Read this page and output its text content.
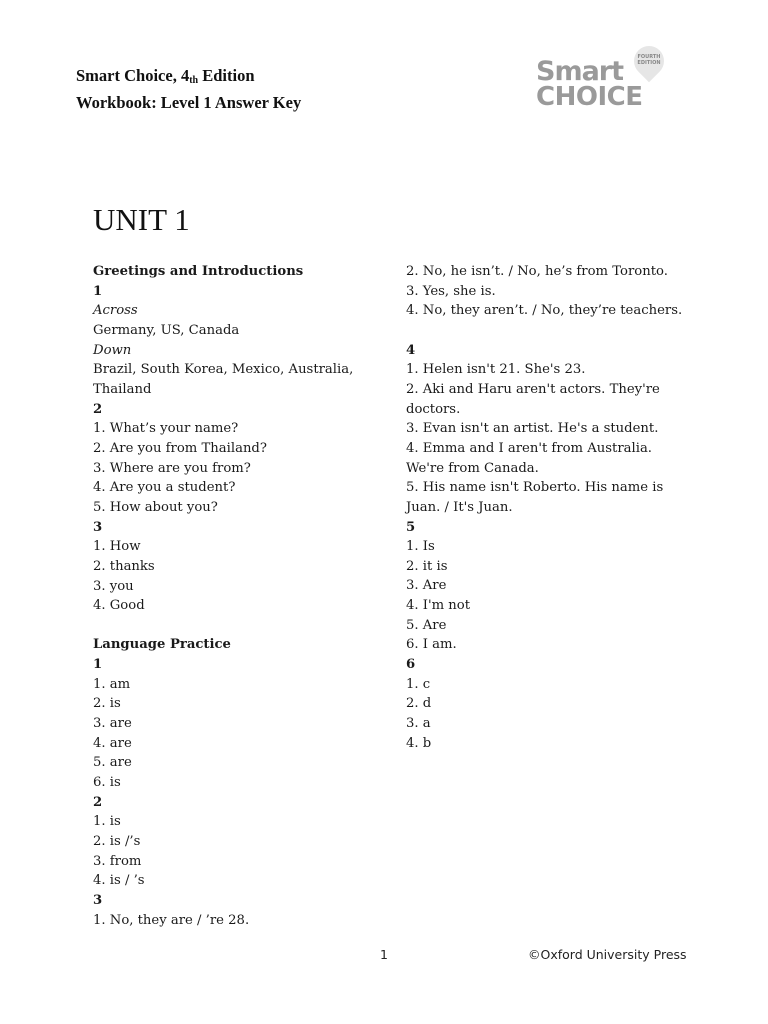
Smart Choice, 4th Edition
Workbook: Level 1 Answer Key
FOURTH
EDITION
Smart
CHOICE
UNIT 1
Greetings and Introductions
1
Across
Germany, US, Canada
Down
Brazil, South Korea, Mexico, Australia,
Thailand
2
1. What’s your name?
2. Are you from Thailand?
3. Where are you from?
4. Are you a student?
5. How about you?
3
1. How
2. thanks
3. you
4. Good
Language Practice
1
1. am
2. is
3. are
4. are
5. are
6. is
2
1. is
2. is /’s
3. from
4. is / ’s
3
1. No, they are / ’re 28.
2. No, he isn’t. / No, he’s from Toronto.
3. Yes, she is.
4. No, they aren’t. / No, they’re teachers.
4
1. Helen isn't 21. She's 23.
2. Aki and Haru aren't actors. They're
doctors.
3. Evan isn't an artist. He's a student.
4. Emma and I aren't from Australia.
We're from Canada.
5. His name isn't Roberto. His name is
Juan. / It's Juan.
5
1. Is
2. it is
3. Are
4. I'm not
5. Are
6. I am.
6
1. c
2. d
3. a
4. b
1	©Oxford University Press
